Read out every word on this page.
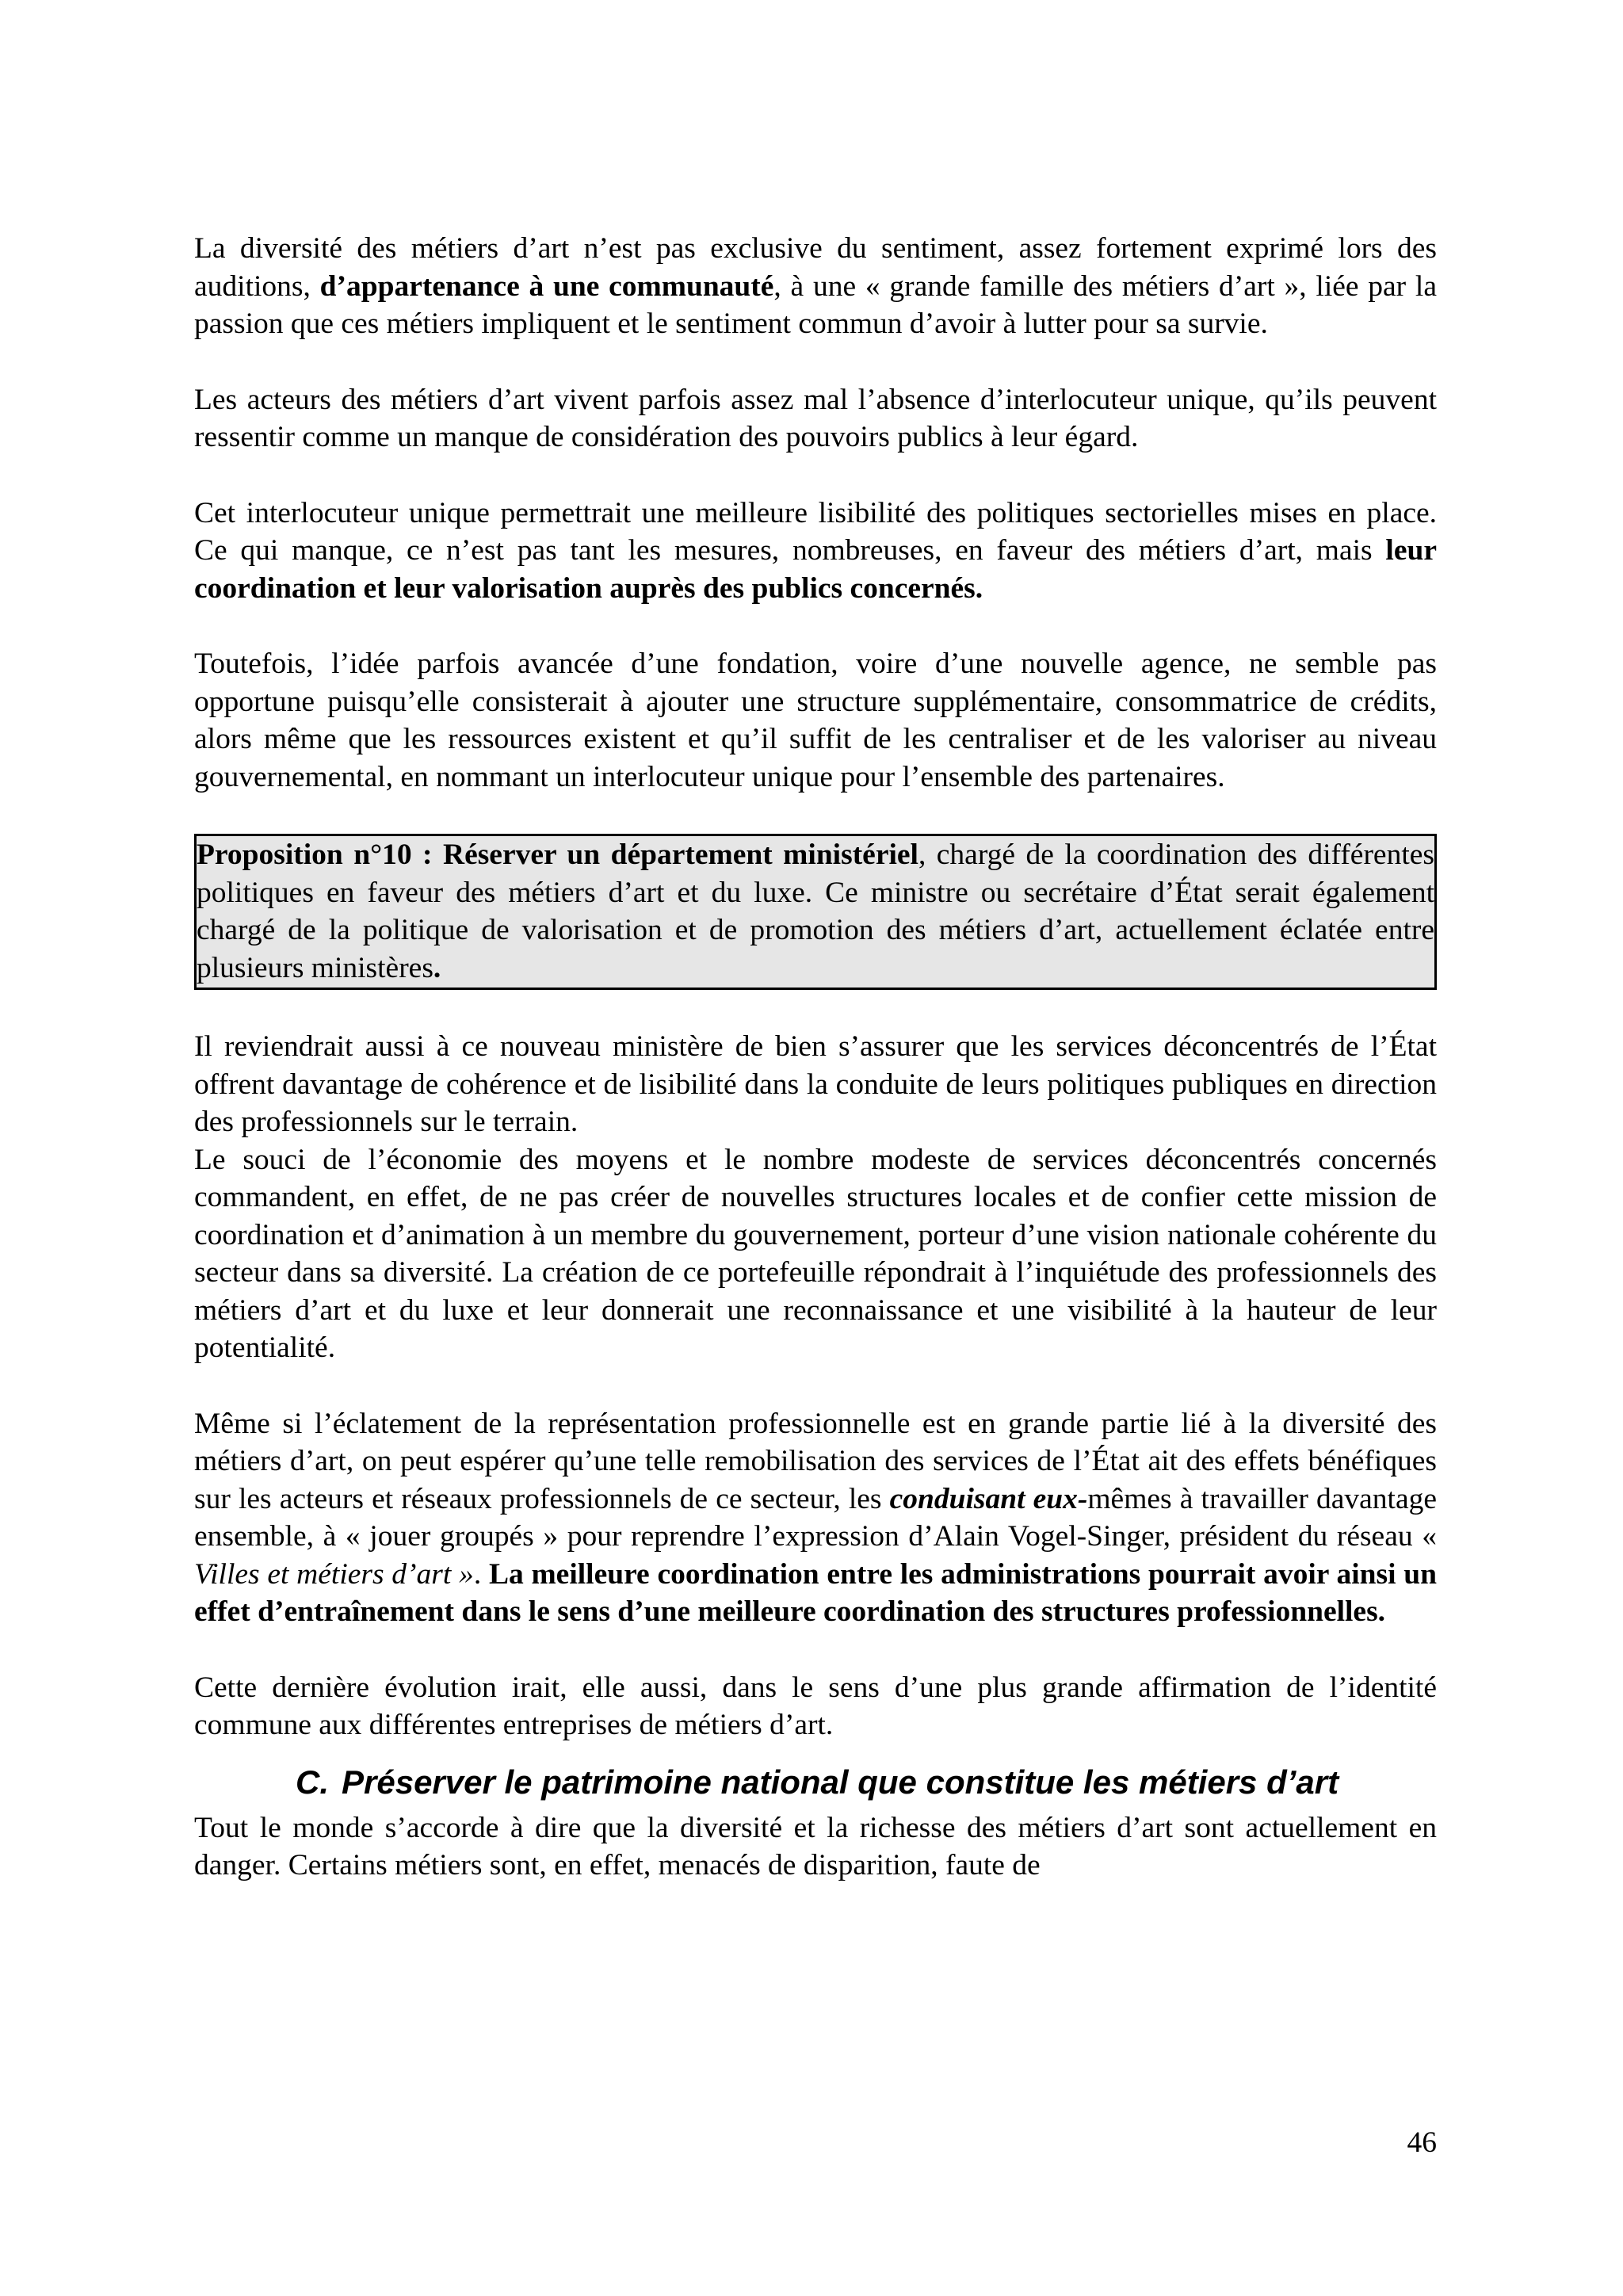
La diversité des métiers d’art n’est pas exclusive du sentiment, assez fortement exprimé lors des auditions, d’appartenance à une communauté, à une « grande famille des métiers d’art », liée par la passion que ces métiers impliquent et le sentiment commun d’avoir à lutter pour sa survie.

Les acteurs des métiers d’art vivent parfois assez mal l’absence d’interlocuteur unique, qu’ils peuvent ressentir comme un manque de considération des pouvoirs publics à leur égard.

Cet interlocuteur unique permettrait une meilleure lisibilité des politiques sectorielles mises en place. Ce qui manque, ce n’est pas tant les mesures, nombreuses, en faveur des métiers d’art, mais leur coordination et leur valorisation auprès des publics concernés.

Toutefois, l’idée parfois avancée d’une fondation, voire d’une nouvelle agence, ne semble pas opportune puisqu’elle consisterait à ajouter une structure supplémentaire, consommatrice de crédits, alors même que les ressources existent et qu’il suffit de les centraliser et de les valoriser au niveau gouvernemental, en nommant un interlocuteur unique pour l’ensemble des partenaires.

Proposition n°10 : Réserver un département ministériel, chargé de la coordination des différentes politiques en faveur des métiers d’art et du luxe. Ce ministre ou secrétaire d’État serait également chargé de la politique de valorisation et de promotion des métiers d’art, actuellement éclatée entre plusieurs ministères.

Il reviendrait aussi à ce nouveau ministère de bien s’assurer que les services déconcentrés de l’État offrent davantage de cohérence et de lisibilité dans la conduite de leurs politiques publiques en direction des professionnels sur le terrain.

Le souci de l’économie des moyens et le nombre modeste de services déconcentrés concernés commandent, en effet, de ne pas créer de nouvelles structures locales et de confier cette mission de coordination et d’animation à un membre du gouvernement, porteur d’une vision nationale cohérente du secteur dans sa diversité. La création de ce portefeuille répondrait à l’inquiétude des professionnels des métiers d’art et du luxe et leur donnerait une reconnaissance et une visibilité à la hauteur de leur potentialité.

Même si l’éclatement de la représentation professionnelle est en grande partie lié à la diversité des métiers d’art, on peut espérer qu’une telle remobilisation des services de l’État ait des effets bénéfiques sur les acteurs et réseaux professionnels de ce secteur, les conduisant eux-mêmes à travailler davantage ensemble, à « jouer groupés » pour reprendre l’expression d’Alain Vogel-Singer, président du réseau « Villes et métiers d’art ». La meilleure coordination entre les administrations pourrait avoir ainsi un effet d’entraînement dans le sens d’une meilleure coordination des structures professionnelles.

Cette dernière évolution irait, elle aussi, dans le sens d’une plus grande affirmation de l’identité commune aux différentes entreprises de métiers d’art.

C. Préserver le patrimoine national que constitue les métiers d’art

Tout le monde s’accorde à dire que la diversité et la richesse des métiers d’art sont actuellement en danger. Certains métiers sont, en effet, menacés de disparition, faute de

46
